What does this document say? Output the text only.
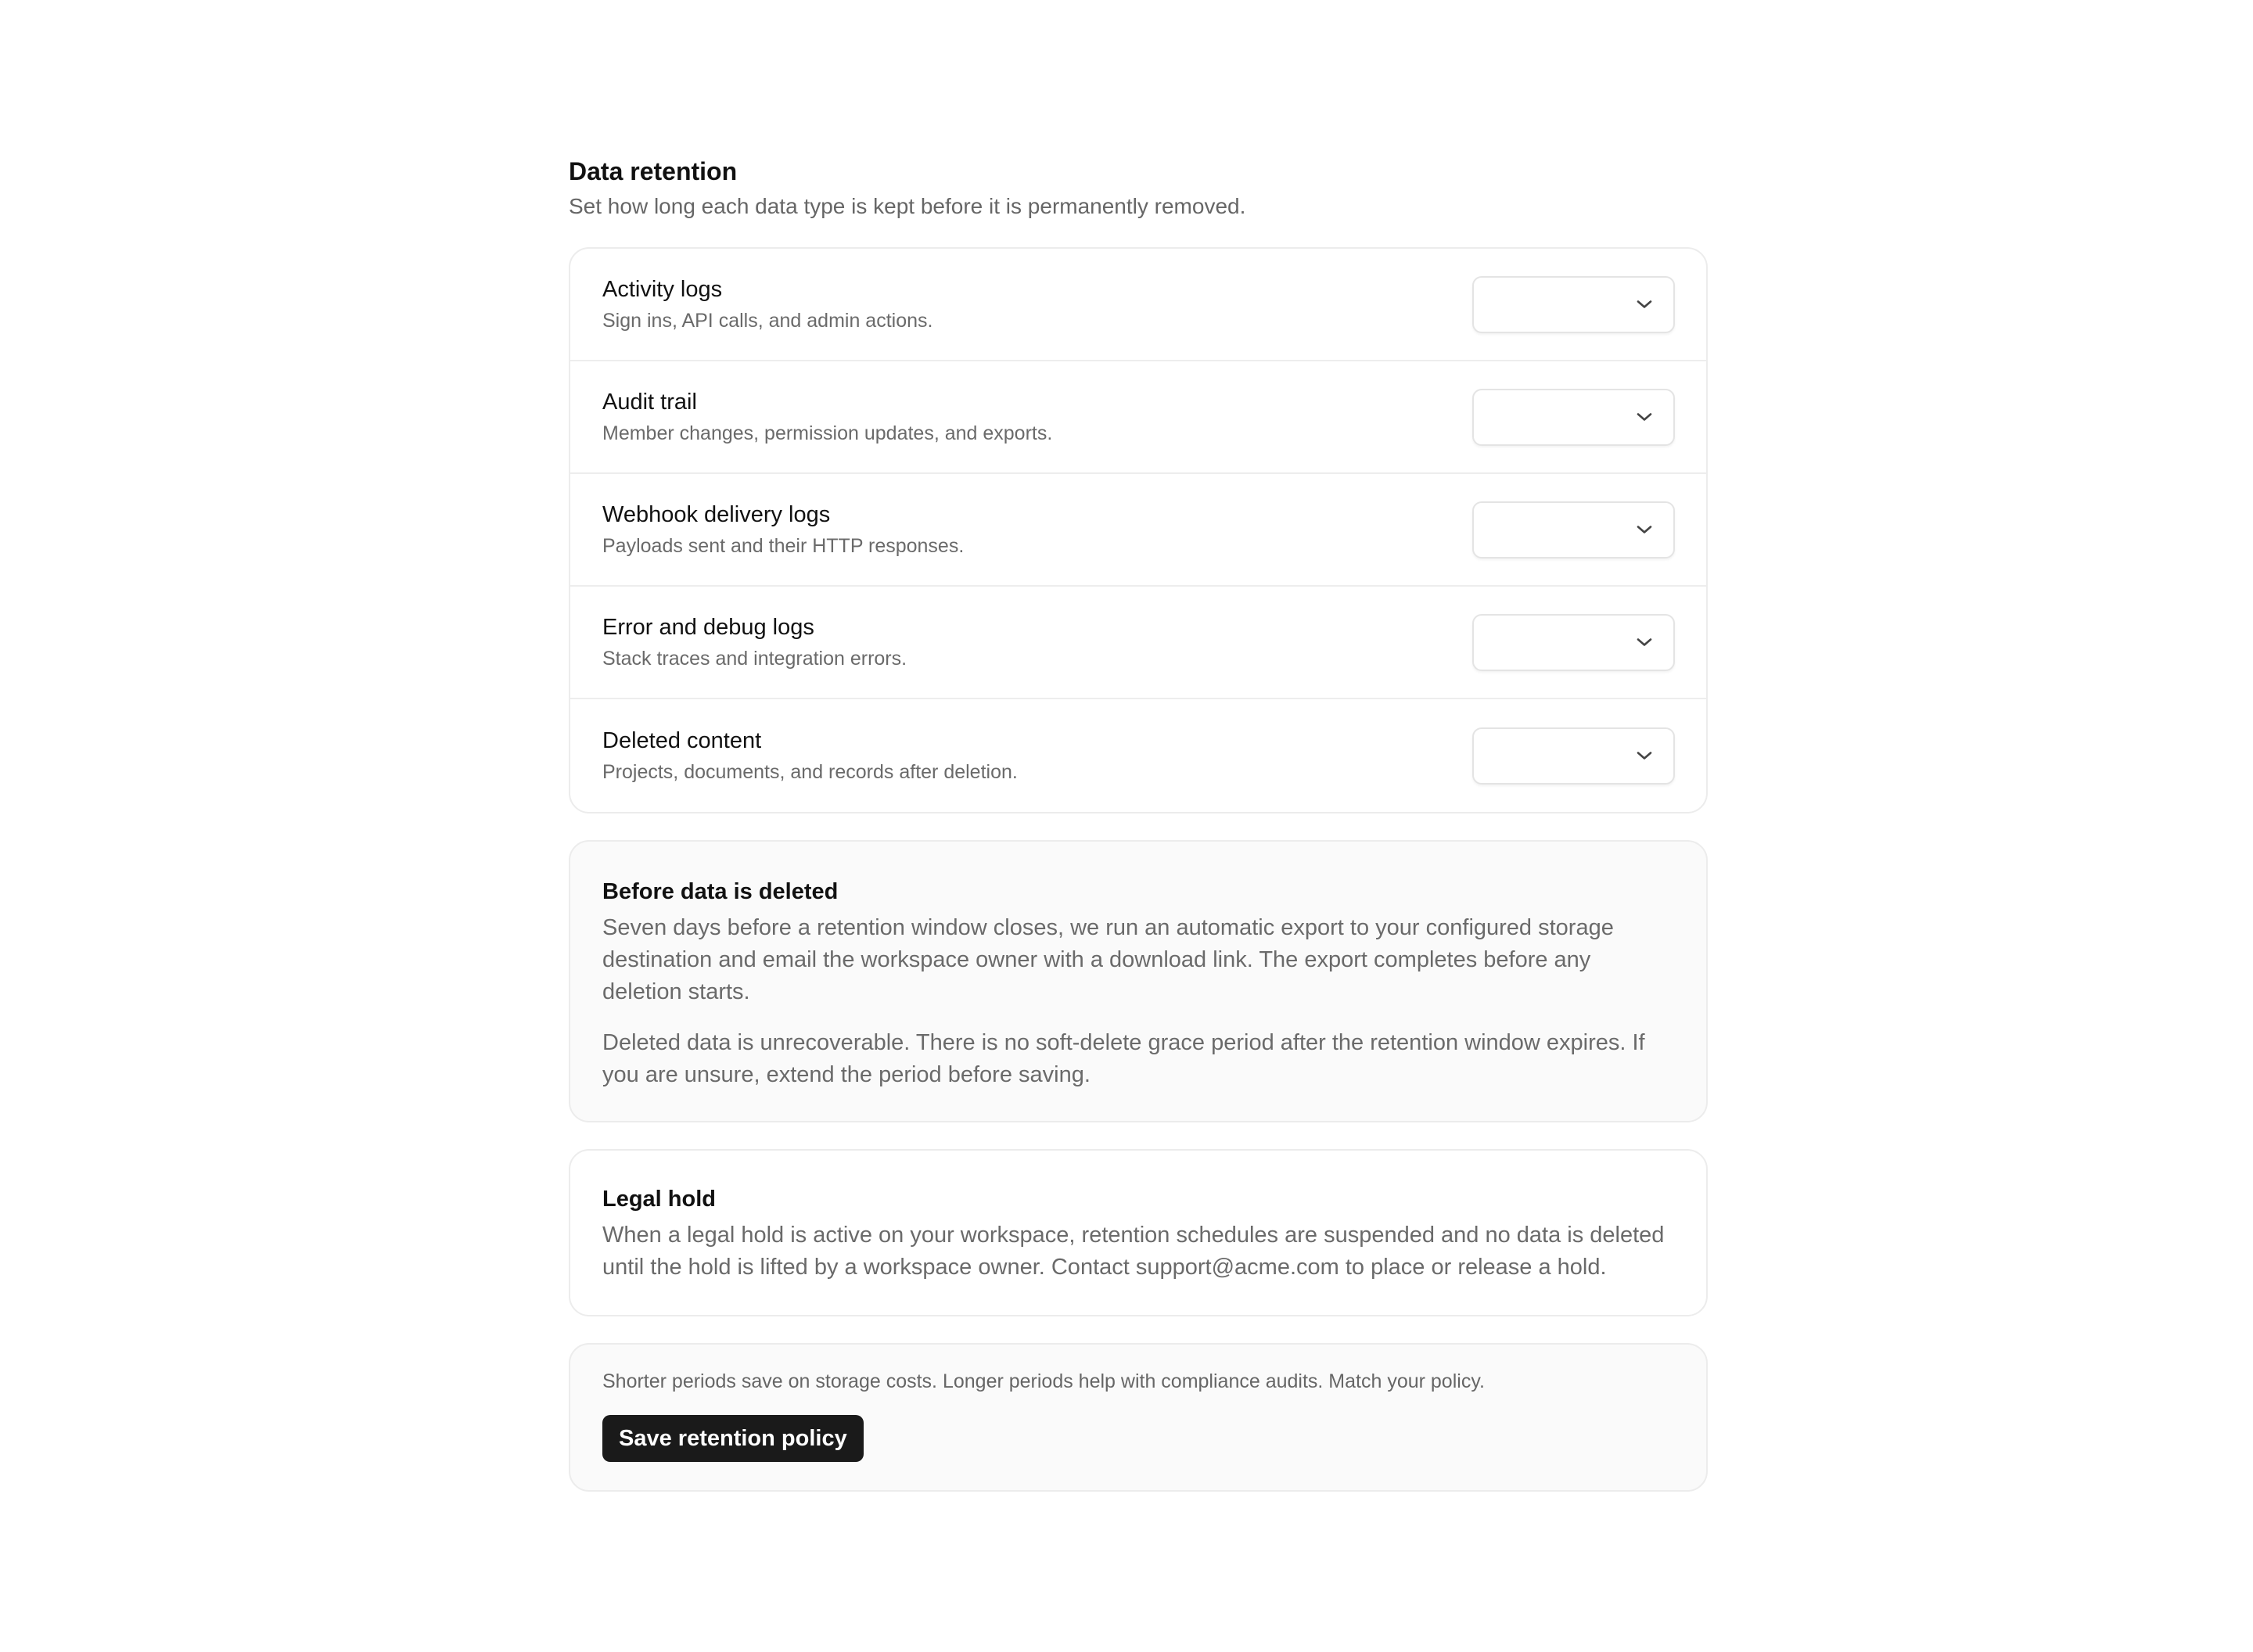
Data retention

Set how long each data type is kept before it is permanently removed.

Activity logs
Sign ins, API calls, and admin actions.
Audit trail
Member changes, permission updates, and exports.
Webhook delivery logs
Payloads sent and their HTTP responses.
Error and debug logs
Stack traces and integration errors.
Deleted content
Projects, documents, and records after deletion.
Before data is deleted

Seven days before a retention window closes, we run an automatic export to your configured storage destination and email the workspace owner with a download link. The export completes before any deletion starts.

Deleted data is unrecoverable. There is no soft-delete grace period after the retention window expires. If you are unsure, extend the period before saving.

Legal hold

When a legal hold is active on your workspace, retention schedules are suspended and no data is deleted until the hold is lifted by a workspace owner. Contact support@acme.com to place or release a hold.

Shorter periods save on storage costs. Longer periods help with compliance audits. Match your policy.

Save retention policy
